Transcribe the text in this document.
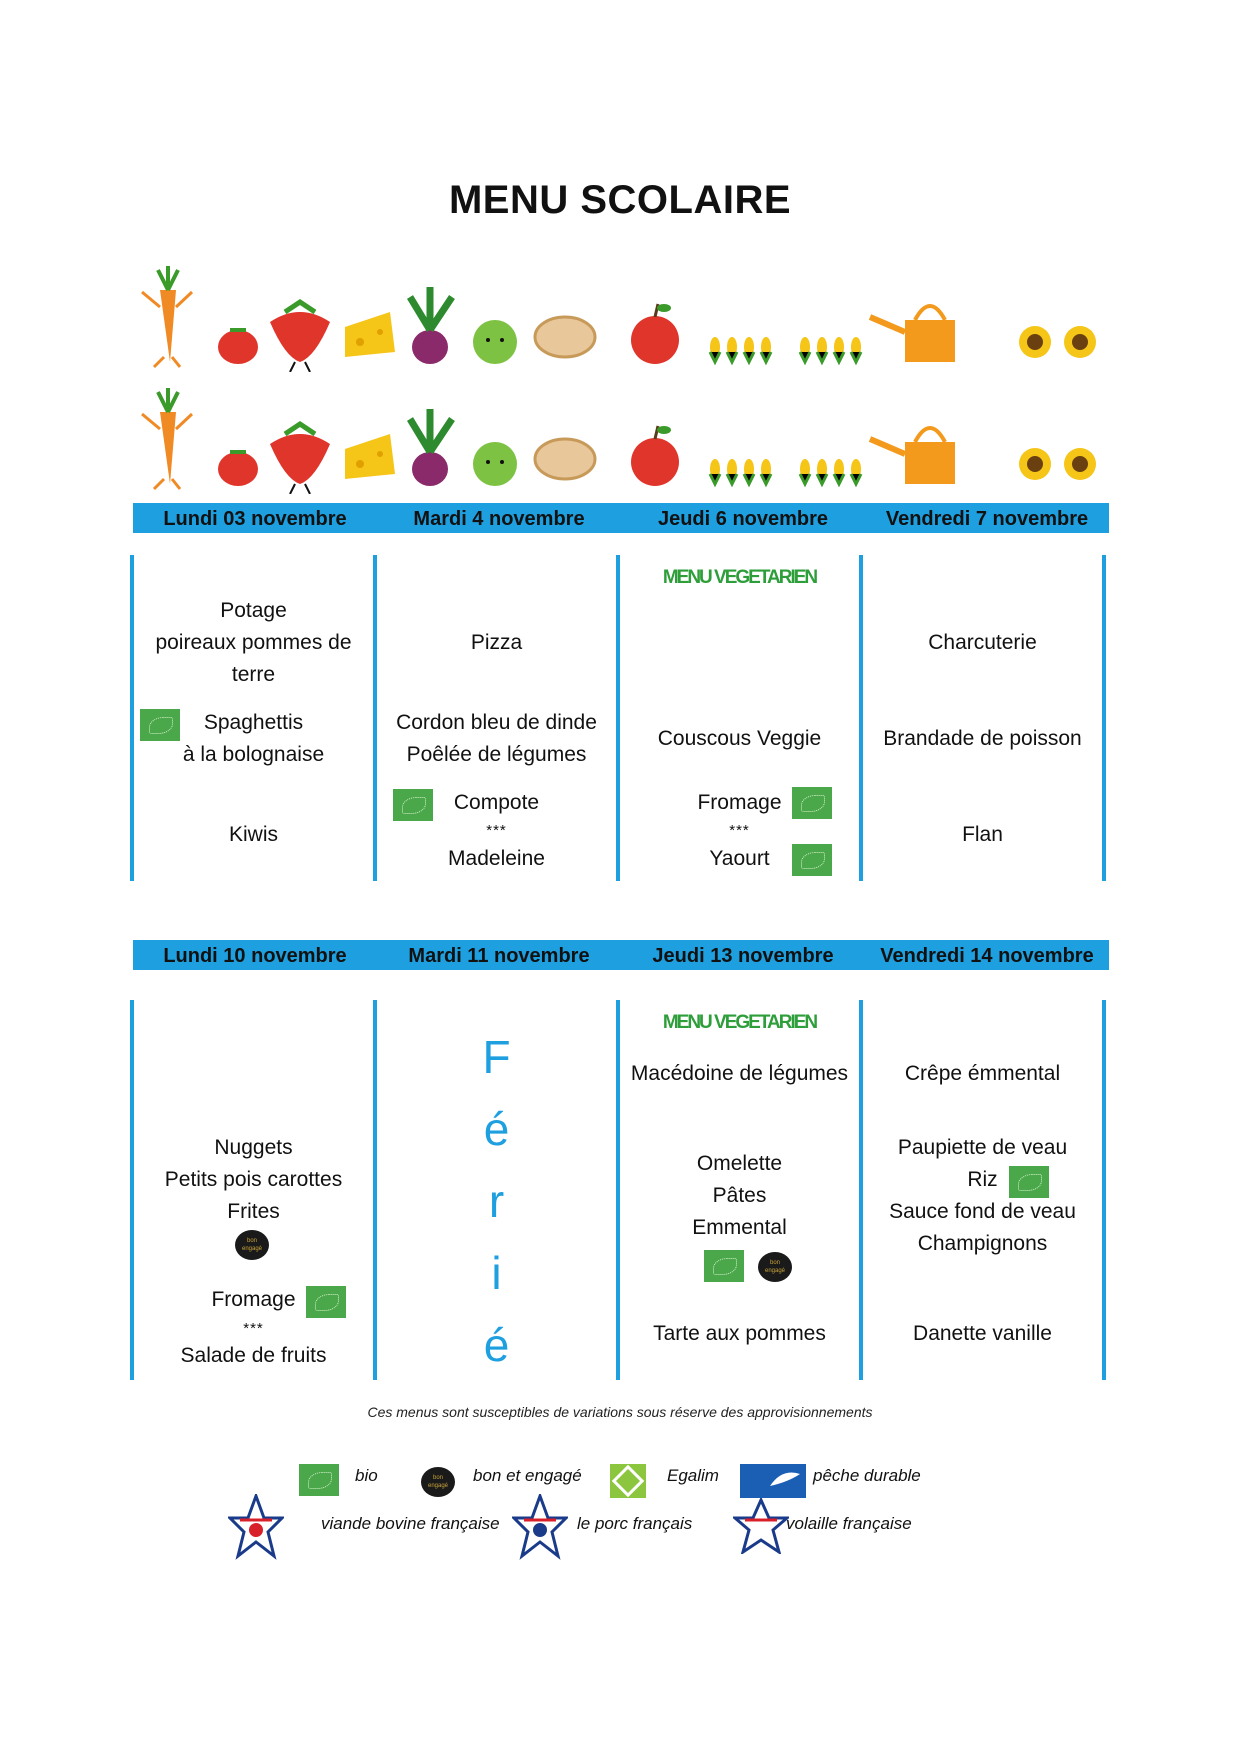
MENU SCOLAIRE
Lundi 03 novembre	Mardi 4 novembre	Jeudi 6 novembre	Vendredi 7 novembre
Potage
poireaux pommes de
terre
Spaghettis
à la bolognaise
Kiwis
Pizza
Cordon bleu de dinde
Poêlée de légumes
Compote
***
Madeleine
MENU VEGETARIEN
Couscous Veggie
Fromage
***
Yaourt
Charcuterie
Brandade de poisson
Flan
Lundi 10 novembre	Mardi 11 novembre	Jeudi 13 novembre	Vendredi 14 novembre
Nuggets
Petits pois carottes
Frites
bon engagé
Fromage
***
Salade de fruits
F
é
r
i
é
MENU VEGETARIEN
Macédoine de légumes
Omelette
Pâtes
Emmental
bon engagé
Tarte aux pommes
Crêpe émmental
Paupiette de veau
Riz
Sauce fond de veau
Champignons
Danette vanille
Ces menus sont susceptibles de variations sous réserve des approvisionnements
bio
bon engagé	bon et engagé	Egalim	pêche durable
viande bovine française	le porc français	volaille française
